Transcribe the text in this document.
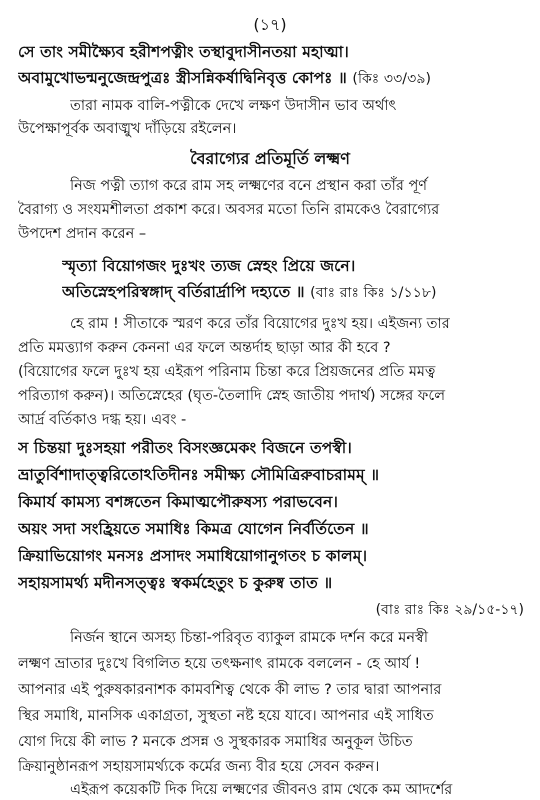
(১৭)
সে তাং সমীক্ষ্যৈব হরীশপত্নীং তস্থাবুদাসীনতয়া মহাত্মা।
অবামুখোভন্মনুজেন্দ্রপুত্রঃ স্ত্রীসন্নিকর্ষাদ্বিনিবৃত্ত কোপঃ ॥ (কিঃ ৩৩/৩৯)
তারা নামক বালি-পত্নীকে দেখে লক্ষণ উদাসীন ভাব অর্থাৎ
উপেক্ষাপূর্বক অবাঙ্মুখ দাঁড়িয়ে রইলেন।
বৈরাগ্যের প্রতিমূর্তি লক্ষ্মণ
নিজ পত্নী ত্যাগ করে রাম সহ লক্ষ্মণের বনে প্রস্থান করা তাঁর পূর্ণ
বৈরাগ্য ও সংযমশীলতা প্রকাশ করে। অবসর মতো তিনি রামকেও বৈরাগ্যের
উপদেশ প্রদান করেন –
স্মৃত্যা বিয়োগজং দুঃখং ত্যজ স্নেহং প্রিয়ে জনে।
অতিস্নেহপরিস্বঙ্গাদ্ বর্তিরার্দ্রাপি দহ্যতে ॥ (বাঃ রাঃ কিঃ ১/১১৮)
হে রাম ! সীতাকে স্মরণ করে তাঁর বিয়োগের দুঃখ হয়। এইজন্য তার
প্রতি মমত্ত্যাগ করুন কেননা এর ফলে অন্তর্দাহ ছাড়া আর কী হবে ?
(বিয়োগের ফলে দুঃখ হয় এইরূপ পরিনাম চিন্তা করে প্রিয়জনের প্রতি মমত্ব
পরিত্যাগ করুন)। অতিস্নেহের (ঘৃত-তৈলাদি স্নেহ জাতীয় পদার্থ) সঙ্গের ফলে
আর্দ্র বর্তিকাও দগ্ধ হয়। এবং -
স চিন্তয়া দুঃসহয়া পরীতং বিসংজ্ঞমেকং বিজনে তপস্বী।
ভ্রাতুর্বিশাদাত্ত্বরিতোঽতিদীনঃ সমীক্ষ্য সৌমিত্রিরুবাচরামম্ ॥
কিমার্য কামস্য বশঙ্গতেন কিমাত্মপৌরুষস্য পরাভবেন।
অয়ং সদা সংহ্রিয়তে সমাধিঃ কিমত্র যোগেন নির্বর্তিতেন ॥
ক্রিয়াভিয়োগং মনসঃ প্রসাদং সমাধিয়োগানুগতং চ কালম্।
সহায়সামর্থ্য মদীনসত্ত্বঃ স্বকর্মহেতুং চ কুরুষ্ব তাত ॥
(বাঃ রাঃ কিঃ ২৯/১৫-১৭)
নির্জন স্থানে অসহ্য চিন্তা-পরিবৃত ব্যাকুল রামকে দর্শন করে মনস্বী
লক্ষ্মণ ভ্রাতার দুঃখে বিগলিত হয়ে তৎক্ষনাৎ রামকে বললেন - হে আর্য !
আপনার এই পুরুষকারনাশক কামবশিত্ব থেকে কী লাভ ? তার দ্বারা আপনার
স্থির সমাধি, মানসিক একাগ্রতা, সুস্থতা নষ্ট হয়ে যাবে। আপনার এই সাধিত
যোগ দিয়ে কী লাভ ? মনকে প্রসন্ন ও সুস্থকারক সমাধির অনুকূল উচিত
ক্রিয়ানুষ্ঠানরূপ সহায়সামর্থ্যকে কর্মের জন্য বীর হয়ে সেবন করুন।
এইরূপ কয়েকটি দিক দিয়ে লক্ষ্মণের জীবনও রাম থেকে কম আদর্শের
